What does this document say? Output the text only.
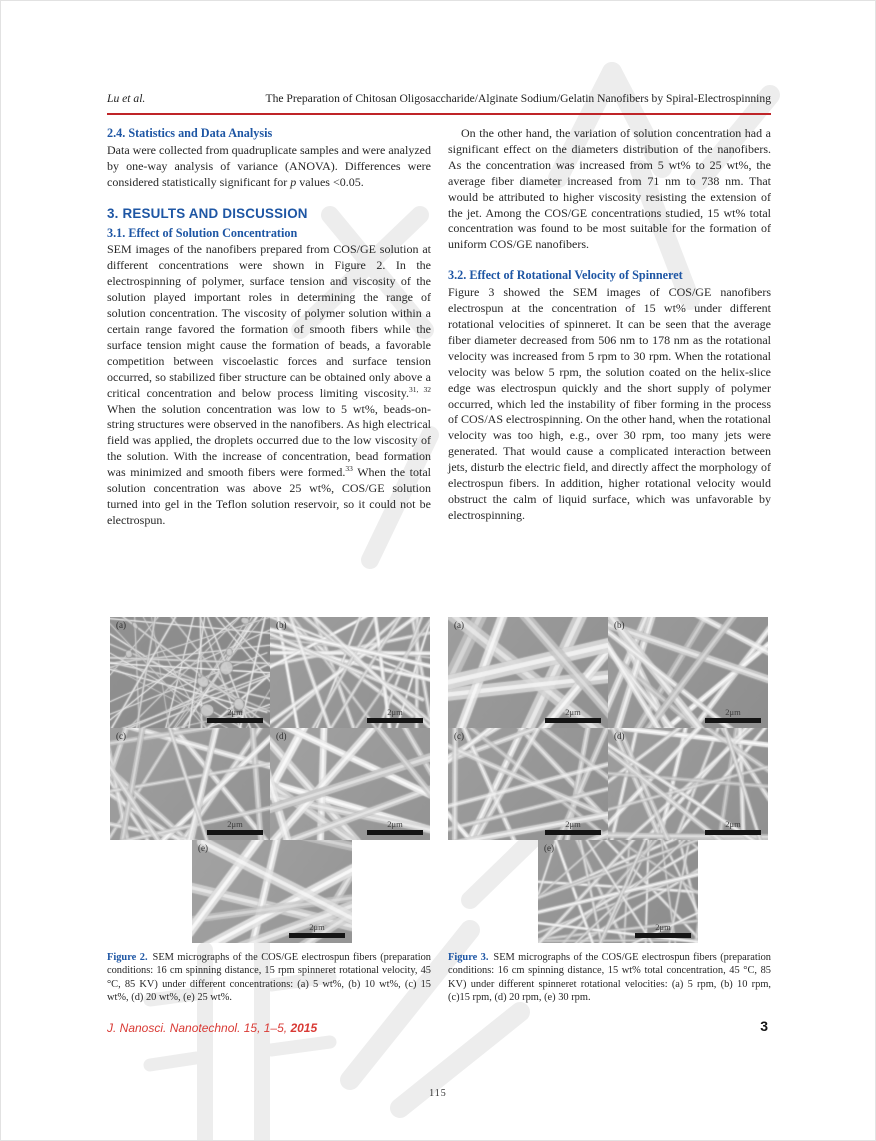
Lu et al.	The Preparation of Chitosan Oligosaccharide/Alginate Sodium/Gelatin Nanofibers by Spiral-Electrospinning
2.4. Statistics and Data Analysis

Data were collected from quadruplicate samples and were analyzed by one-way analysis of variance (ANOVA). Differences were considered statistically significant for p values <0.05.

3. RESULTS AND DISCUSSION
3.1. Effect of Solution Concentration

SEM images of the nanofibers prepared from COS/GE solution at different concentrations were shown in Figure 2. In the electrospinning of polymer, surface tension and viscosity of the solution played important roles in determining the range of solution concentration. The viscosity of polymer solution within a certain range favored the formation of smooth fibers while the surface tension might cause the formation of beads, a favorable competition between viscoelastic forces and surface tension occurred, so stabilized fiber structure can be obtained only above a critical concentration and below process limiting viscosity.$^{31, 32}$ When the solution concentration was low to 5 wt%, beads-on-string structures were observed in the nanofibers. As high electrical field was applied, the droplets occurred due to the low viscosity of the solution. With the increase of concentration, bead formation was minimized and smooth fibers were formed.$^{33}$ When the total solution concentration was above 25 wt%, COS/GE solution turned into gel in the Teflon solution reservoir, so it could not be electrospun.

On the other hand, the variation of solution concentration had a significant effect on the diameters distribution of the nanofibers. As the concentration was increased from 5 wt% to 25 wt%, the average fiber diameter increased from 71 nm to 738 nm. That would be attributed to higher viscosity resisting the extension of the jet. Among the COS/GE concentrations studied, 15 wt% total concentration was found to be most suitable for the formation of uniform COS/GE nanofibers.

3.2. Effect of Rotational Velocity of Spinneret

Figure 3 showed the SEM images of COS/GE nanofibers electrospun at the concentration of 15 wt% under different rotational velocities of spinneret. It can be seen that the average fiber diameter decreased from 506 nm to 178 nm as the rotational velocity was increased from 5 rpm to 30 rpm. When the rotational velocity was below 5 rpm, the solution coated on the helix-slice edge was electrospun quickly and the short supply of polymer occurred, which led the instability of fiber forming in the process of COS/AS electrospinning. On the other hand, when the rotational velocity was too high, e.g., over 30 rpm, too many jets were generated. That would cause a complicated interaction between jets, disturb the electric field, and directly affect the morphology of electrospun fibers. In addition, higher rotational velocity would obstruct the calm of liquid surface, which was unfavorable by electrospinning.

(a)
2μm
(b)
2μm
(c)
2μm
(d)
2μm
(e)
2μm
(a)
2μm
(b)
2μm
(c)
2μm
(d)
2μm
(e)
2μm

Figure 2. SEM micrographs of the COS/GE electrospun fibers (preparation conditions: 16 cm spinning distance, 15 rpm spinneret rotational velocity, 45 °C, 85 KV) under different concentrations: (a) 5 wt%, (b) 10 wt%, (c) 15 wt%, (d) 20 wt%, (e) 25 wt%.

Figure 3. SEM micrographs of the COS/GE electrospun fibers (preparation conditions: 16 cm spinning distance, 15 wt% total concentration, 45 °C, 85 KV) under different spinneret rotational velocities: (a) 5 rpm, (b) 10 rpm, (c)15 rpm, (d) 20 rpm, (e) 30 rpm.

J. Nanosci. Nanotechnol. 15, 1–5, 2015	3
115
